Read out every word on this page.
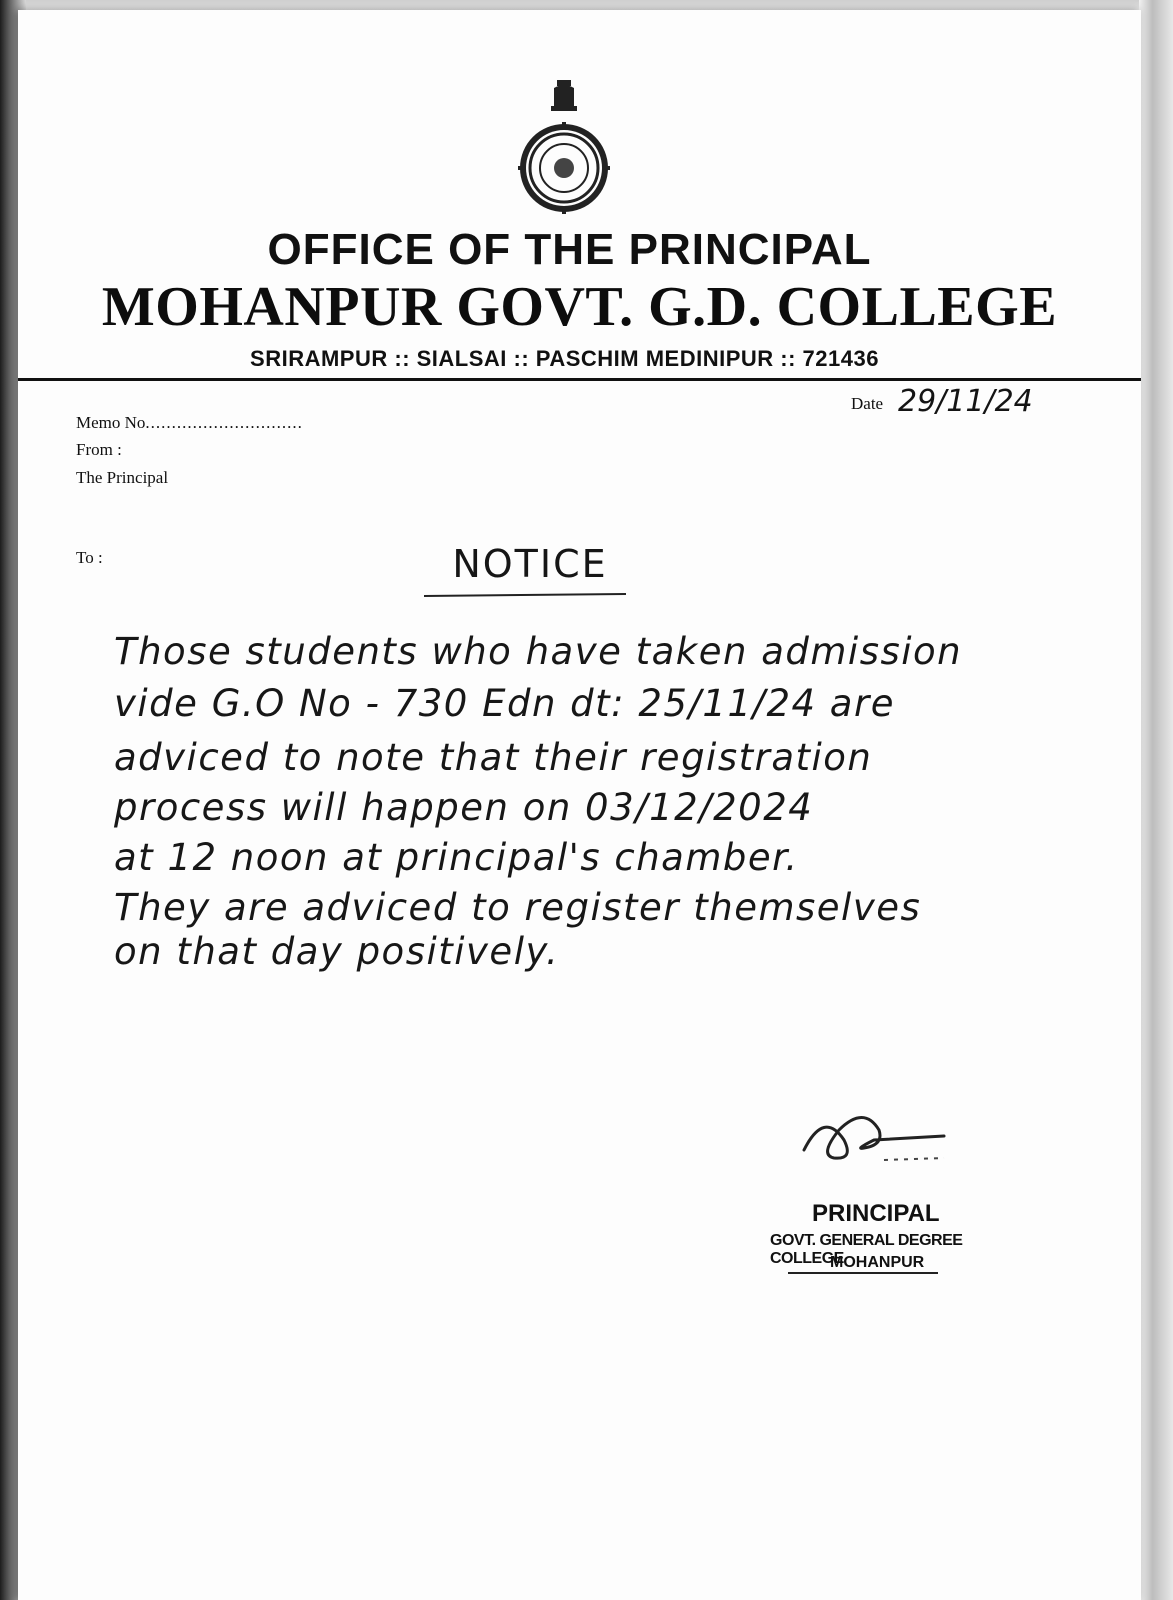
OFFICE OF THE PRINCIPAL
MOHANPUR GOVT. G.D. COLLEGE
SRIRAMPUR :: SIALSAI :: PASCHIM MEDINIPUR :: 721436
Memo No..............................
From :
The Principal
To :
Date 29/11/24
NOTICE
Those students who have taken admission
vide G.O No - 730 Edn dt: 25/11/24 are
adviced to note that their registration
process will happen on 03/12/2024
at 12 noon at principal's chamber.
They are adviced to register themselves
on that day positively.
PRINCIPAL
GOVT. GENERAL DEGREE COLLEGE
MOHANPUR
